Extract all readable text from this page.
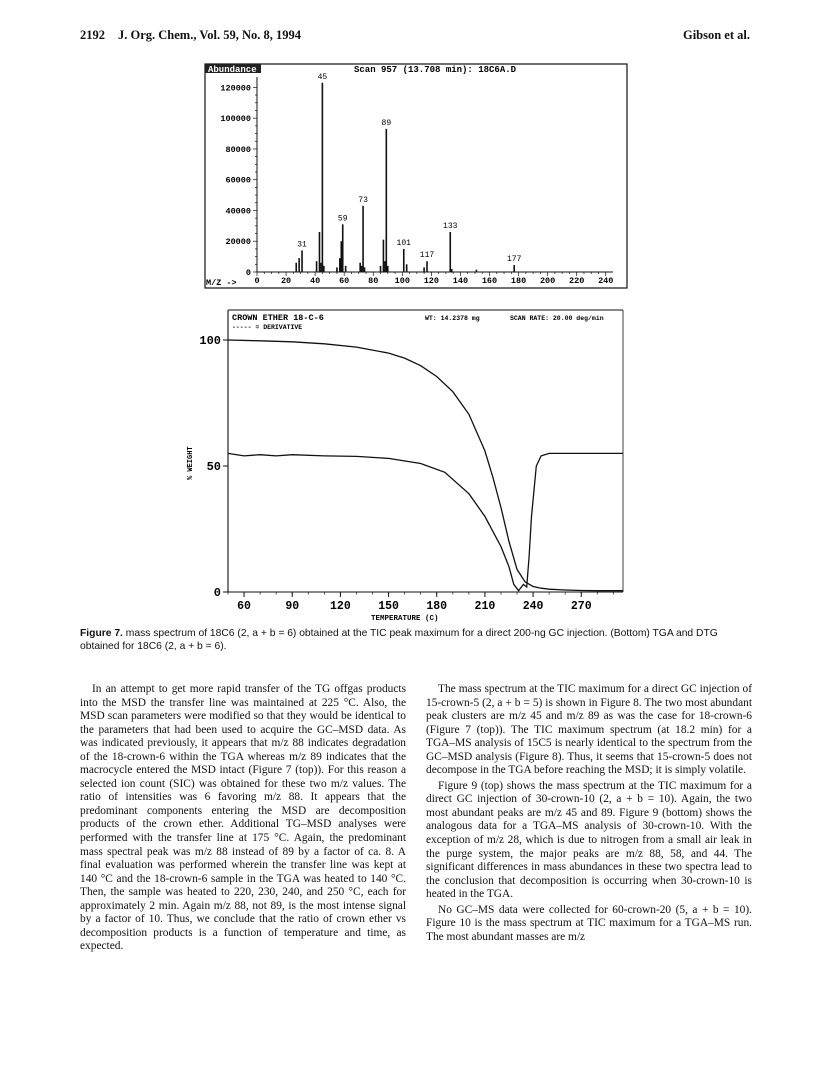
2192 J. Org. Chem., Vol. 59, No. 8, 1994	Gibson et al.
Abundance	Scan 957 (13.708 min): 18C6A.D
M/Z -> 0	20 40 60 80 100 120 140 160 180 200 220 240
0
20000
40000
60000
80000
100000
120000
31
45
59
73
89
101
117
133
177
CROWN ETHER 18-C-6
----- = DERIVATIVE
WT: 14.2378 mg	SCAN RATE: 20.00 deg/min
% WEIGHT
TEMPERATURE (C)
60	90	120 150 180 210 240 270
0
50
100
Figure 7. mass spectrum of 18C6 (2, a + b = 6) obtained at the TIC peak maximum for a direct 200-ng GC injection. (Bottom) TGA and DTG obtained for 18C6 (2, a + b = 6).

In an attempt to get more rapid transfer of the TG offgas products into the MSD the transfer line was maintained at 225 °C. Also, the MSD scan parameters were modified so that they would be identical to the parameters that had been used to acquire the GC–MSD data. As was indicated previously, it appears that m/z 88 indicates degradation of the 18-crown-6 within the TGA whereas m/z 89 indicates that the macrocycle entered the MSD intact (Figure 7 (top)). For this reason a selected ion count (SIC) was obtained for these two m/z values. The ratio of intensities was 6 favoring m/z 88. It appears that the predominant components entering the MSD are decomposition products of the crown ether. Additional TG–MSD analyses were performed with the transfer line at 175 °C. Again, the predominant mass spectral peak was m/z 88 instead of 89 by a factor of ca. 8. A final evaluation was performed wherein the transfer line was kept at 140 °C and the 18-crown-6 sample in the TGA was heated to 140 °C. Then, the sample was heated to 220, 230, 240, and 250 °C, each for approximately 2 min. Again m/z 88, not 89, is the most intense signal by a factor of 10. Thus, we conclude that the ratio of crown ether vs decomposition products is a function of temperature and time, as expected.

The mass spectrum at the TIC maximum for a direct GC injection of 15-crown-5 (2, a + b = 5) is shown in Figure 8. The two most abundant peak clusters are m/z 45 and m/z 89 as was the case for 18-crown-6 (Figure 7 (top)). The TIC maximum spectrum (at 18.2 min) for a TGA–MS analysis of 15C5 is nearly identical to the spectrum from the GC–MSD analysis (Figure 8). Thus, it seems that 15-crown-5 does not decompose in the TGA before reaching the MSD; it is simply volatile.

Figure 9 (top) shows the mass spectrum at the TIC maximum for a direct GC injection of 30-crown-10 (2, a + b = 10). Again, the two most abundant peaks are m/z 45 and 89. Figure 9 (bottom) shows the analogous data for a TGA–MS analysis of 30-crown-10. With the exception of m/z 28, which is due to nitrogen from a small air leak in the purge system, the major peaks are m/z 88, 58, and 44. The significant differences in mass abundances in these two spectra lead to the conclusion that decomposition is occurring when 30-crown-10 is heated in the TGA.

No GC–MS data were collected for 60-crown-20 (5, a + b = 10). Figure 10 is the mass spectrum at TIC maximum for a TGA–MS run. The most abundant masses are m/z
